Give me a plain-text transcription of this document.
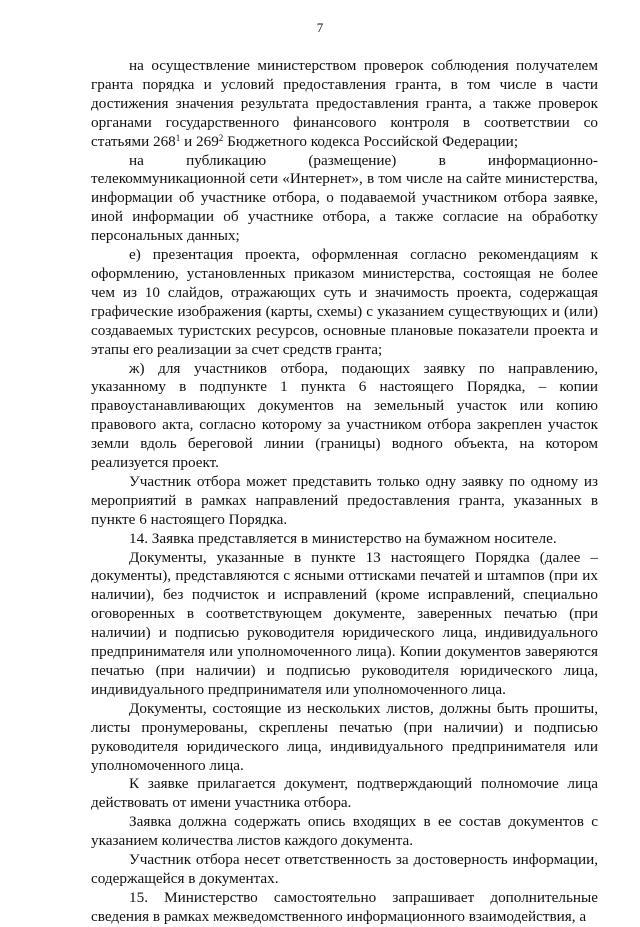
7

на осуществление министерством проверок соблюдения получателем гранта порядка и условий предоставления гранта, в том числе в части достижения значения результата предоставления гранта, а также проверок органами государственного финансового контроля в соответствии со статьями $268^1$ и $269^2$ Бюджетного кодекса Российской Федерации;

на публикацию (размещение) в информационно-телекоммуникационной сети «Интернет», в том числе на сайте министерства, информации об участнике отбора, о подаваемой участником отбора заявке, иной информации об участнике отбора, а также согласие на обработку персональных данных;

е) презентация проекта, оформленная согласно рекомендациям к оформлению, установленных приказом министерства, состоящая не более чем из 10 слайдов, отражающих суть и значимость проекта, содержащая графические изображения (карты, схемы) с указанием существующих и (или) создаваемых туристских ресурсов, основные плановые показатели проекта и этапы его реализации за счет средств гранта;

ж) для участников отбора, подающих заявку по направлению, указанному в подпункте 1 пункта 6 настоящего Порядка, – копии правоустанавливающих документов на земельный участок или копию правового акта, согласно которому за участником отбора закреплен участок земли вдоль береговой линии (границы) водного объекта, на котором реализуется проект.

Участник отбора может представить только одну заявку по одному из мероприятий в рамках направлений предоставления гранта, указанных в пункте 6 настоящего Порядка.

14. Заявка представляется в министерство на бумажном носителе.

Документы, указанные в пункте 13 настоящего Порядка (далее – документы), представляются с ясными оттисками печатей и штампов (при их наличии), без подчисток и исправлений (кроме исправлений, специально оговоренных в соответствующем документе, заверенных печатью (при наличии) и подписью руководителя юридического лица, индивидуального предпринимателя или уполномоченного лица). Копии документов заверяются печатью (при наличии) и подписью руководителя юридического лица, индивидуального предпринимателя или уполномоченного лица.

Документы, состоящие из нескольких листов, должны быть прошиты, листы пронумерованы, скреплены печатью (при наличии) и подписью руководителя юридического лица, индивидуального предпринимателя или уполномоченного лица.

К заявке прилагается документ, подтверждающий полномочие лица действовать от имени участника отбора.

Заявка должна содержать опись входящих в ее состав документов с указанием количества листов каждого документа.

Участник отбора несет ответственность за достоверность информации, содержащейся в документах.

15. Министерство самостоятельно запрашивает дополнительные сведения в рамках межведомственного информационного взаимодействия, а
